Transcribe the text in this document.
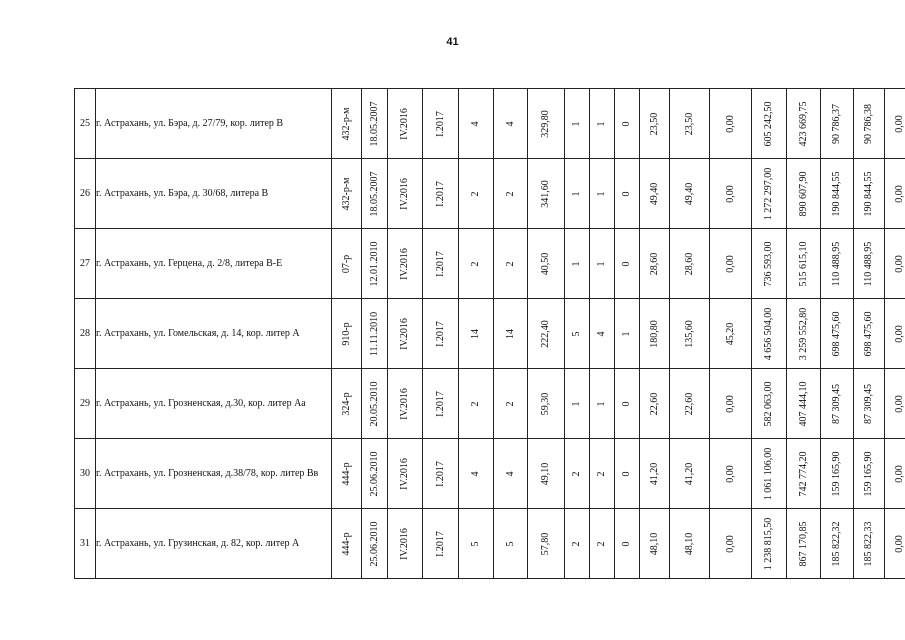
41
25	г. Астрахань, ул. Бэра, д. 27/79, кор. литер В	432-р-м	18.05.2007	IV.2016	I.2017	4	4	329,80	1	1	0	23,50	23,50	0,00	605 242,50	423 669,75	90 786,37	90 786,38	0,00

26	г. Астрахань, ул. Бэра, д. 30/68, литера В	432-р-м	18.05.2007	IV.2016	I.2017	2	2	341,60	1	1	0	49,40	49,40	0,00	1 272 297,00	890 607,90	190 844,55	190 844,55	0,00

27	г. Астрахань, ул. Герцена, д. 2/8, литера В-Е	07-р	12.01.2010	IV.2016	I.2017	2	2	40,50	1	1	0	28,60	28,60	0,00	736 593,00	515 615,10	110 488,95	110 488,95	0,00

28	г. Астрахань, ул. Гомельская, д. 14, кор. литер А	910-р	11.11.2010	IV.2016	I.2017	14	14	222,40	5	4	1	180,80	135,60	45,20	4 656 504,00	3 259 552,80	698 475,60	698 475,60	0,00

29	г. Астрахань, ул. Грозненская, д.30, кор. литер Аа	324-р	20.05.2010	IV.2016	I.2017	2	2	59,30	1	1	0	22,60	22,60	0,00	582 063,00	407 444,10	87 309,45	87 309,45	0,00

30	г. Астрахань, ул. Грозненская, д.38/78, кор. литер Вв	444-р	25.06.2010	IV.2016	I.2017	4	4	49,10	2	2	0	41,20	41,20	0,00	1 061 106,00	742 774,20	159 165,90	159 165,90	0,00

31	г. Астрахань, ул. Грузинская, д. 82, кор. литер А	444-р	25.06.2010	IV.2016	I.2017	5	5	57,80	2	2	0	48,10	48,10	0,00	1 238 815,50	867 170,85	185 822,32	185 822,33	0,00
